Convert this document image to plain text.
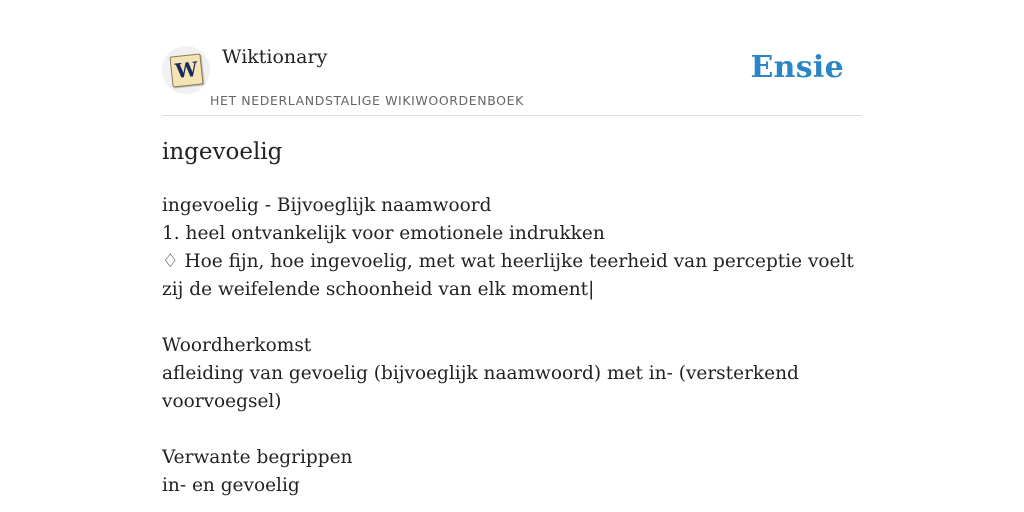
W Wiktionary
HET NEDERLANDSTALIGE WIKIWOORDENBOEK
Ensie
ingevoelig

ingevoelig - Bijvoeglijk naamwoord

1. heel ontvankelijk voor emotionele indrukken

♢ Hoe fijn, hoe ingevoelig, met wat heerlijke teerheid van perceptie voelt zij de weifelende schoonheid van elk moment|

Woordherkomst

afleiding van gevoelig (bijvoeglijk naamwoord) met in- (versterkend voorvoegsel)

Verwante begrippen

in- en gevoelig
